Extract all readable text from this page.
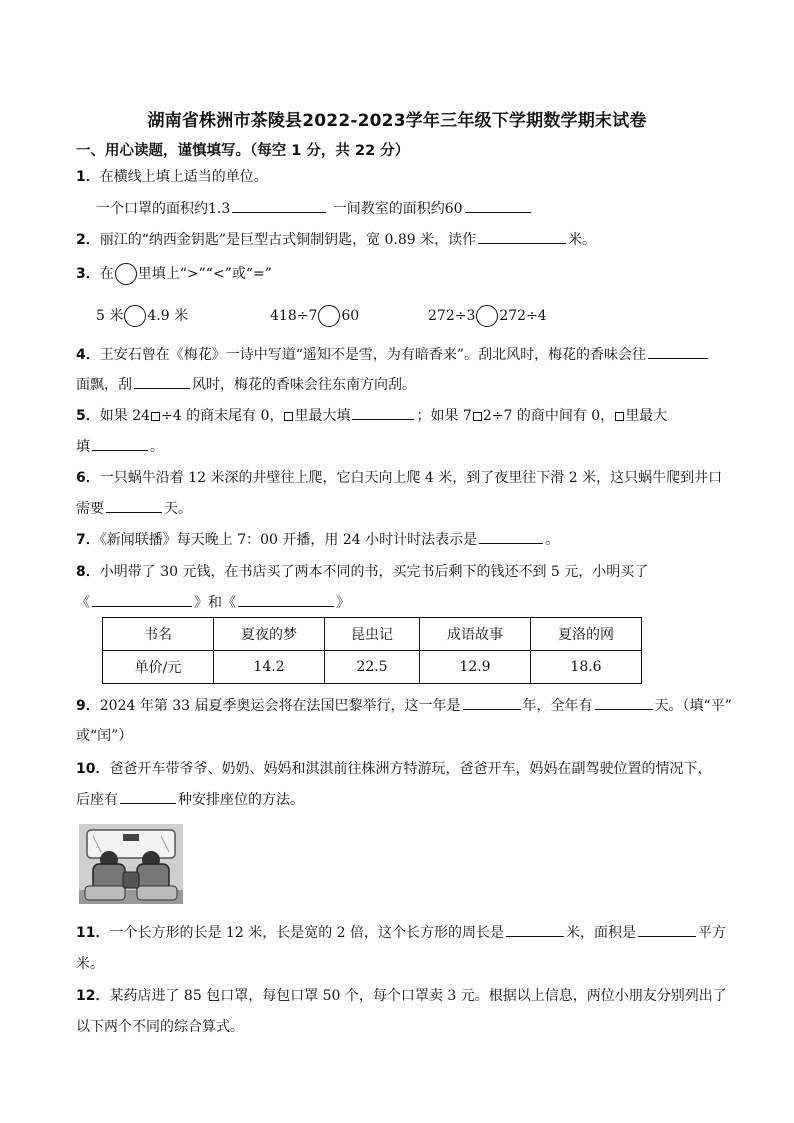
湖南省株洲市茶陵县2022-2023学年三年级下学期数学期末试卷
一、用心读题，谨慎填写。（每空 1 分，共 22 分）
1．在横线上填上适当的单位。
一个口罩的面积约1.3	一间教室的面积约60
2．丽江的“纳西金钥匙”是巨型古式铜制钥匙，宽 0.89 米，读作	米。
3．在 里填上“>”“<”或“=”
5 米 4.9 米	418÷7 60	272÷3 272÷4
4．王安石曾在《梅花》一诗中写道“遥知不是雪，为有暗香来”。刮北风时，梅花的香味会往
面飘，刮	风时，梅花的香味会往东南方向刮。
5．如果 24 ÷4 的商末尾有 0， 里最大填	；如果 7 2÷7 的商中间有 0， 里最大
填	。
6．一只蜗牛沿着 12 米深的井壁往上爬，它白天向上爬 4 米，到了夜里往下滑 2 米，这只蜗牛爬到井口
需要	天。
7．《新闻联播》每天晚上 7：00 开播，用 24 小时计时法表示是	。
8．小明带了 30 元钱，在书店买了两本不同的书，买完书后剩下的钱还不到 5 元，小明买了
《	》和《	》
书名	夏夜的梦	昆虫记	成语故事	夏洛的网
单价/元	14.2	22.5	12.9	18.6
9．2024 年第 33 届夏季奥运会将在法国巴黎举行，这一年是	年，全年有	天。（填“平”
或“闰”）
10．爸爸开车带爷爷、奶奶、妈妈和淇淇前往株洲方特游玩，爸爸开车，妈妈在副驾驶位置的情况下，
后座有	种安排座位的方法。
11．一个长方形的长是 12 米，长是宽的 2 倍，这个长方形的周长是	米，面积是	平方
米。
12．某药店进了 85 包口罩，每包口罩 50 个，每个口罩卖 3 元。根据以上信息，两位小朋友分别列出了
以下两个不同的综合算式。
